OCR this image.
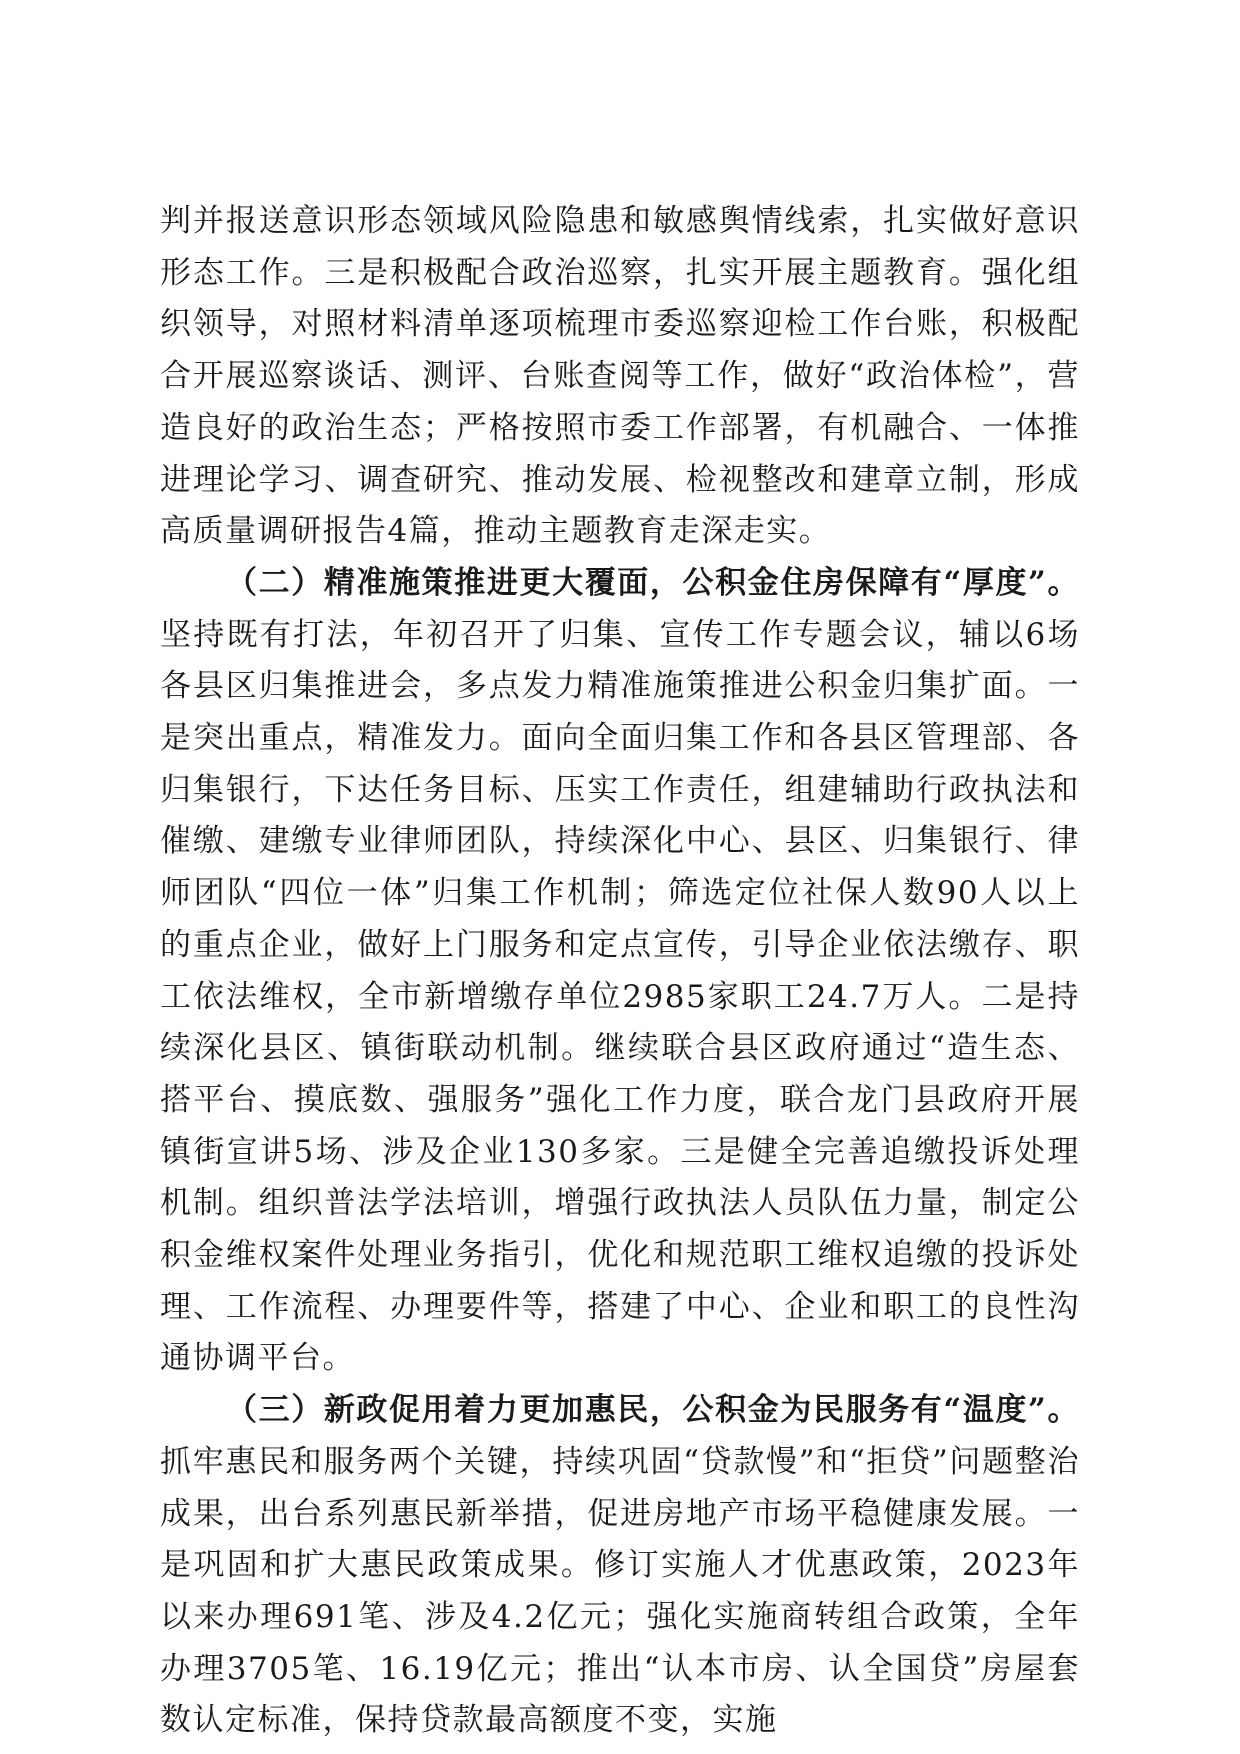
判并报送意识形态领域风险隐患和敏感舆情线索，扎实做好意识形态工作。三是积极配合政治巡察，扎实开展主题教育。强化组织领导，对照材料清单逐项梳理市委巡察迎检工作台账，积极配合开展巡察谈话、测评、台账查阅等工作，做好“政治体检”，营造良好的政治生态；严格按照市委工作部署，有机融合、一体推进理论学习、调查研究、推动发展、检视整改和建章立制，形成高质量调研报告4篇，推动主题教育走深走实。

（二）精准施策推进更大覆面，公积金住房保障有“厚度”。坚持既有打法，年初召开了归集、宣传工作专题会议，辅以6场各县区归集推进会，多点发力精准施策推进公积金归集扩面。一是突出重点，精准发力。面向全面归集工作和各县区管理部、各归集银行，下达任务目标、压实工作责任，组建辅助行政执法和催缴、建缴专业律师团队，持续深化中心、县区、归集银行、律师团队“四位一体”归集工作机制；筛选定位社保人数90人以上的重点企业，做好上门服务和定点宣传，引导企业依法缴存、职工依法维权，全市新增缴存单位2985家职工24.7万人。二是持续深化县区、镇街联动机制。继续联合县区政府通过“造生态、搭平台、摸底数、强服务”强化工作力度，联合龙门县政府开展镇街宣讲5场、涉及企业130多家。三是健全完善追缴投诉处理机制。组织普法学法培训，增强行政执法人员队伍力量，制定公积金维权案件处理业务指引，优化和规范职工维权追缴的投诉处理、工作流程、办理要件等，搭建了中心、企业和职工的良性沟通协调平台。

（三）新政促用着力更加惠民，公积金为民服务有“温度”。抓牢惠民和服务两个关键，持续巩固“贷款慢”和“拒贷”问题整治成果，出台系列惠民新举措，促进房地产市场平稳健康发展。一是巩固和扩大惠民政策成果。修订实施人才优惠政策，2023年以来办理691笔、涉及4.2亿元；强化实施商转组合政策，全年办理3705笔、16.19亿元；推出“认本市房、认全国贷”房屋套数认定标准，保持贷款最高额度不变，实施
